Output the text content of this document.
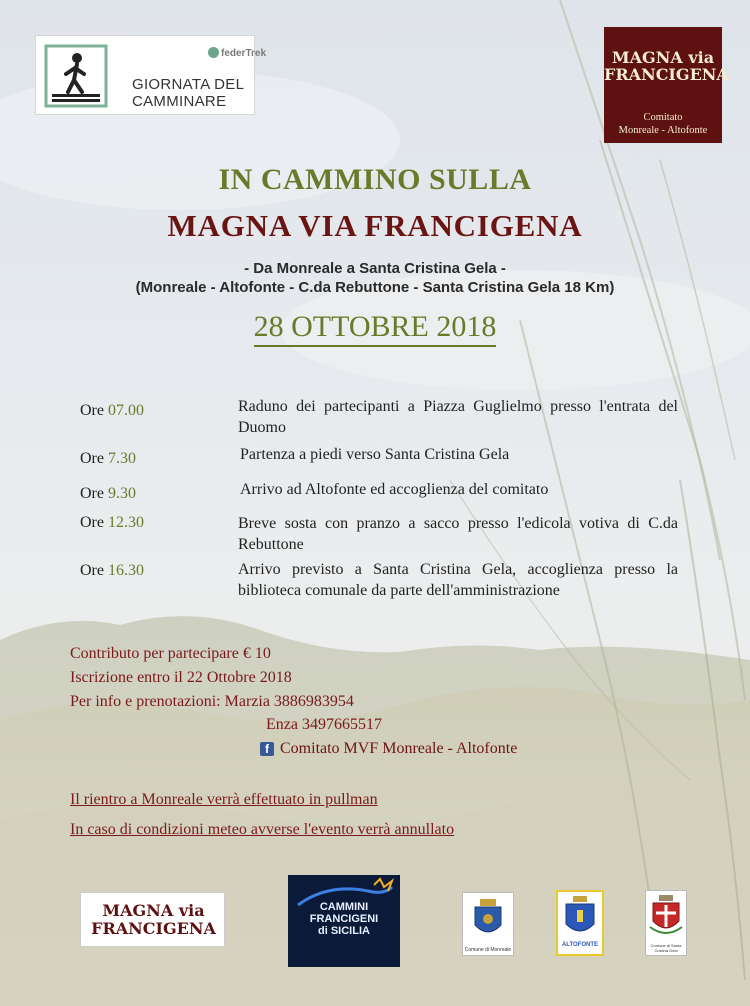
federTrek
GIORNATA DEL
CAMMINARE
MAGNA via
FRANCIGENA
Comitato
Monreale - Altofonte
IN CAMMINO SULLA
MAGNA VIA FRANCIGENA
- Da Monreale a Santa Cristina Gela -
(Monreale - Altofonte - C.da Rebuttone - Santa Cristina Gela 18 Km)
28 OTTOBRE 2018
Ore 07.00	Raduno dei partecipanti a Piazza Guglielmo presso l'entrata del Duomo
Ore 7.30	Partenza a piedi verso Santa Cristina Gela
Ore 9.30	Arrivo ad Altofonte ed accoglienza del comitato
Ore 12.30	Breve sosta con pranzo a sacco presso l'edicola votiva di C.da Rebuttone
Ore 16.30	Arrivo previsto a Santa Cristina Gela, accoglienza presso la biblioteca comunale da parte dell'amministrazione
Contributo per partecipare € 10
Iscrizione entro il 22 Ottobre 2018
Per info e prenotazioni: Marzia 3886983954
Enza 3497665517
f Comitato MVF Monreale - Altofonte
Il rientro a Monreale verrà effettuato in pullman
In caso di condizioni meteo avverse l'evento verrà annullato
MAGNA via
FRANCIGENA
CAMMINI
FRANCIGENI
di SICILIA
Comune di Monreale
ALTOFONTE	Comune di Santa Cristina Gela
